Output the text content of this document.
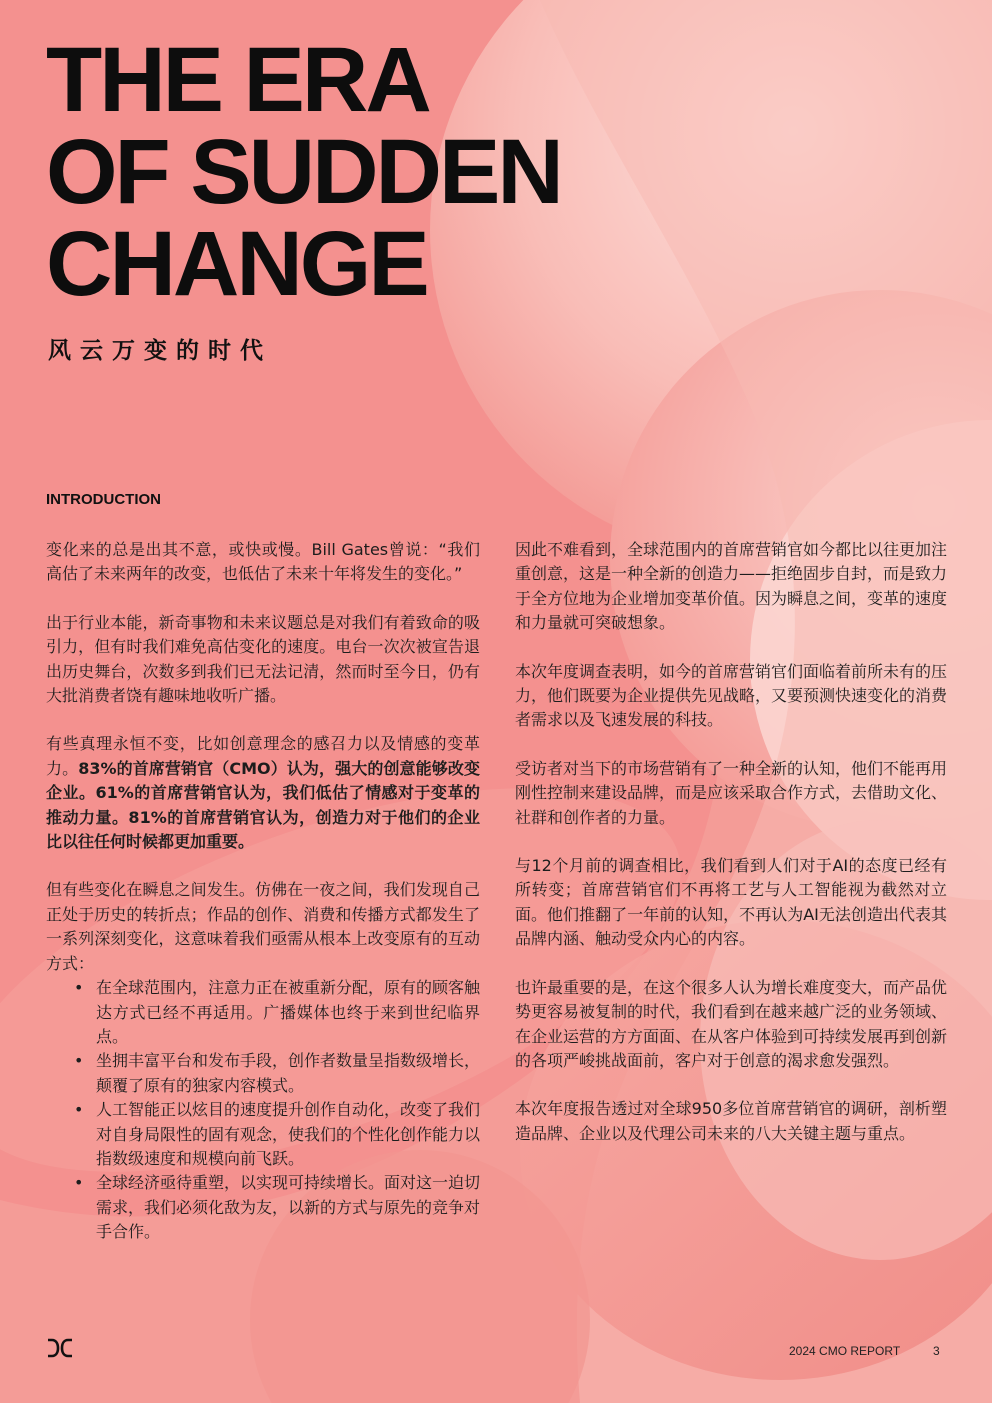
THE ERA
OF SUDDEN
CHANGE
风云万变的时代
INTRODUCTION

变化来的总是出其不意，或快或慢。Bill Gates曾说：“我们高估了未来两年的改变，也低估了未来十年将发生的变化。”

出于行业本能，新奇事物和未来议题总是对我们有着致命的吸引力，但有时我们难免高估变化的速度。电台一次次被宣告退出历史舞台，次数多到我们已无法记清，然而时至今日，仍有大批消费者饶有趣味地收听广播。

有些真理永恒不变，比如创意理念的感召力以及情感的变革力。83%的首席营销官（CMO）认为，强大的创意能够改变企业。61%的首席营销官认为，我们低估了情感对于变革的推动力量。81%的首席营销官认为，创造力对于他们的企业比以往任何时候都更加重要。

但有些变化在瞬息之间发生。仿佛在一夜之间，我们发现自己正处于历史的转折点；作品的创作、消费和传播方式都发生了一系列深刻变化，这意味着我们亟需从根本上改变原有的互动方式：

• 在全球范围内，注意力正在被重新分配，原有的顾客触达方式已经不再适用。广播媒体也终于来到世纪临界点。
• 坐拥丰富平台和发布手段，创作者数量呈指数级增长，颠覆了原有的独家内容模式。
• 人工智能正以炫目的速度提升创作自动化，改变了我们对自身局限性的固有观念，使我们的个性化创作能力以指数级速度和规模向前飞跃。
• 全球经济亟待重塑，以实现可持续增长。面对这一迫切需求，我们必须化敌为友，以新的方式与原先的竞争对手合作。

因此不难看到，全球范围内的首席营销官如今都比以往更加注重创意，这是一种全新的创造力——拒绝固步自封，而是致力于全方位地为企业增加变革价值。因为瞬息之间，变革的速度和力量就可突破想象。

本次年度调查表明，如今的首席营销官们面临着前所未有的压力，他们既要为企业提供先见战略，又要预测快速变化的消费者需求以及飞速发展的科技。

受访者对当下的市场营销有了一种全新的认知，他们不能再用刚性控制来建设品牌，而是应该采取合作方式，去借助文化、社群和创作者的力量。

与12个月前的调查相比，我们看到人们对于AI的态度已经有所转变；首席营销官们不再将工艺与人工智能视为截然对立面。他们推翻了一年前的认知，不再认为AI无法创造出代表其品牌内涵、触动受众内心的内容。

也许最重要的是，在这个很多人认为增长难度变大，而产品优势更容易被复制的时代，我们看到在越来越广泛的业务领域、在企业运营的方方面面、在从客户体验到可持续发展再到创新的各项严峻挑战面前，客户对于创意的渴求愈发强烈。

本次年度报告透过对全球950多位首席营销官的调研，剖析塑造品牌、企业以及代理公司未来的八大关键主题与重点。

2024 CMO REPORT	3
